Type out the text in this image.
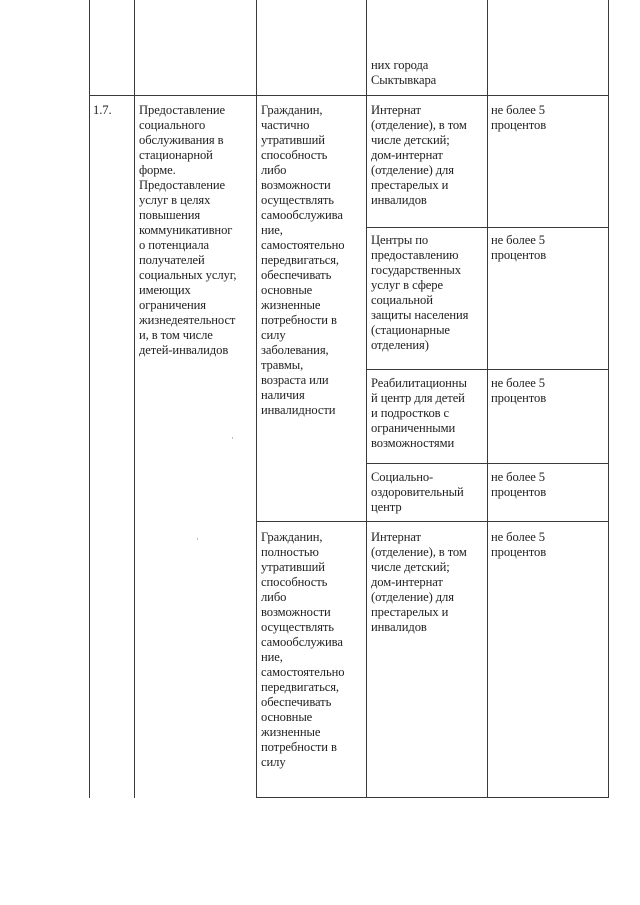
них города
Сыктывкара
1.7.	Предоставление
социального
обслуживания в
стационарной
форме.
Предоставление
услуг в целях
повышения
коммуникативног
о потенциала
получателей
социальных услуг,
имеющих
ограничения
жизнедеятельност
и, в том числе
детей-инвалидов
Гражданин,
частично
утративший
способность
либо
возможности
осуществлять
самообслужива
ние,
самостоятельно
передвигаться,
обеспечивать
основные
жизненные
потребности в
силу
заболевания,
травмы,
возраста или
наличия
инвалидности
Интернат
(отделение), в том
числе детский;
дом-интернат
(отделение) для
престарелых и
инвалидов
не более 5
процентов
Центры по
предоставлению
государственных
услуг в сфере
социальной
защиты населения
(стационарные
отделения)
не более 5
процентов
Реабилитационны
й центр для детей
и подростков с
ограниченными
возможностями
не более 5
процентов
Социально-
оздоровительный
центр
не более 5
процентов
Гражданин,
полностью
утративший
способность
либо
возможности
осуществлять
самообслужива
ние,
самостоятельно
передвигаться,
обеспечивать
основные
жизненные
потребности в
силу
Интернат
(отделение), в том
числе детский;
дом-интернат
(отделение) для
престарелых и
инвалидов
не более 5
процентов
·
·
